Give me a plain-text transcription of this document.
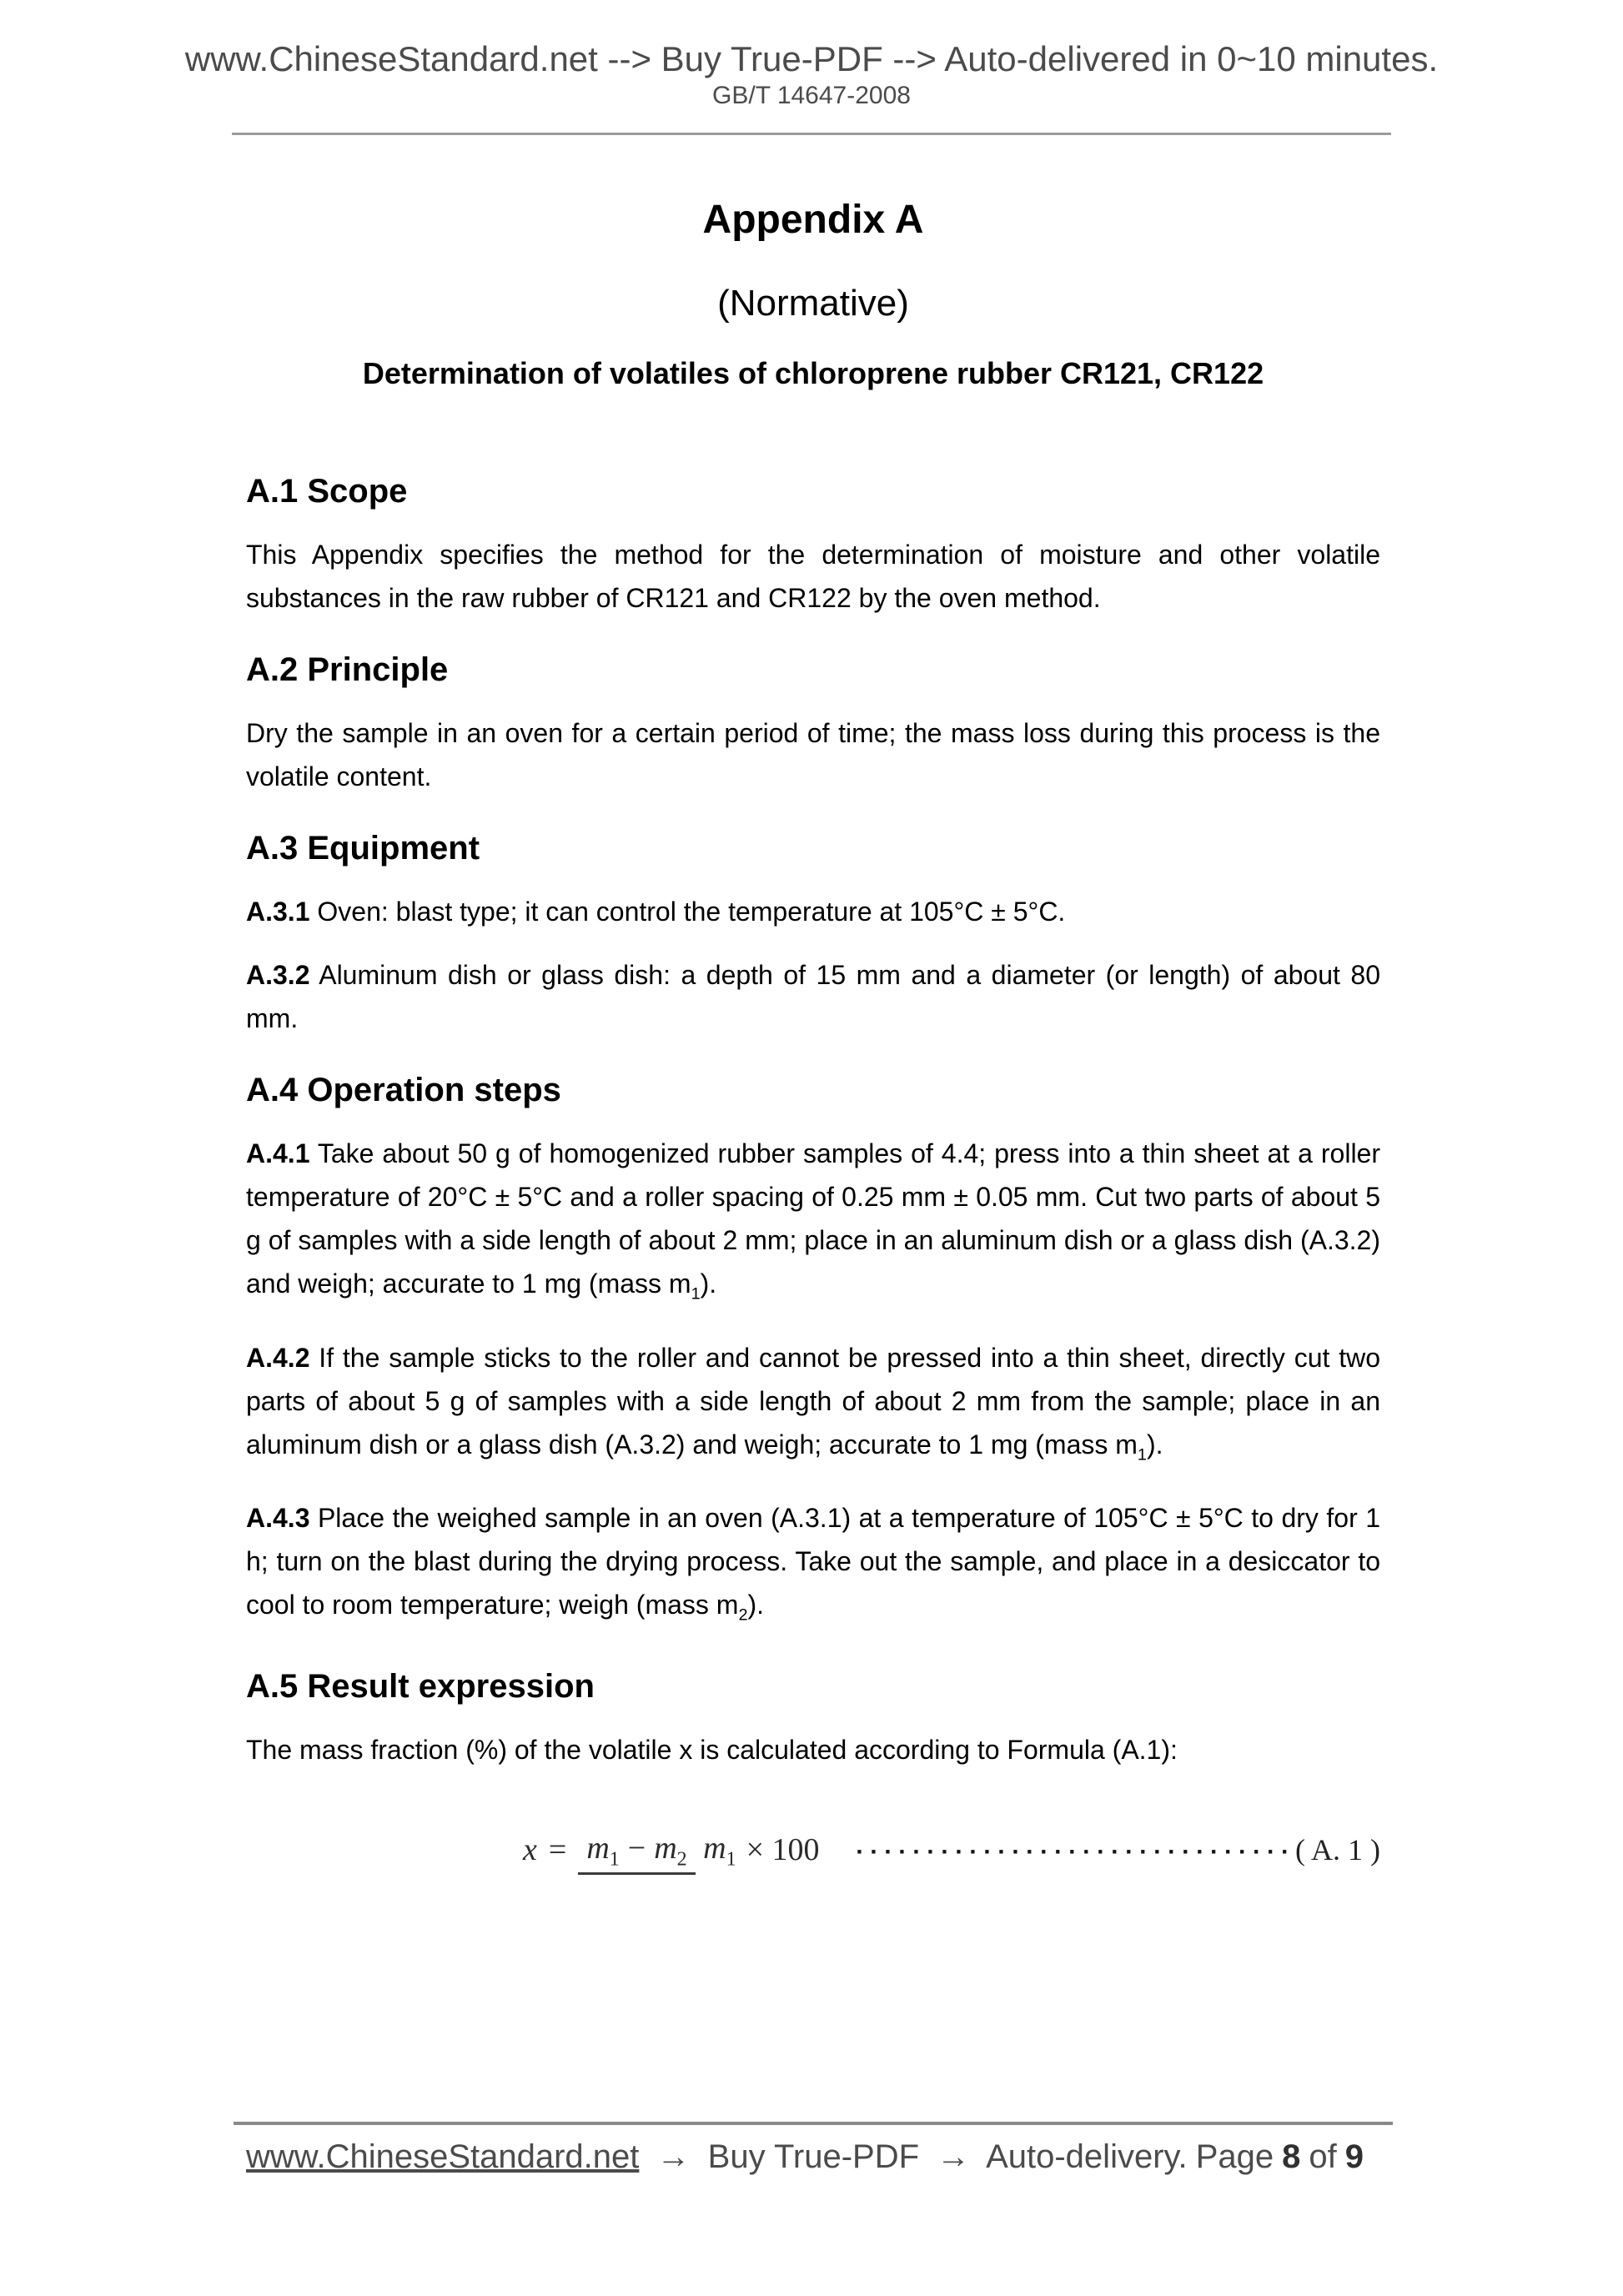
www.ChineseStandard.net --> Buy True-PDF --> Auto-delivered in 0~10 minutes.
GB/T 14647-2008
Appendix A
(Normative)
Determination of volatiles of chloroprene rubber CR121, CR122
A.1 Scope

This Appendix specifies the method for the determination of moisture and other volatile substances in the raw rubber of CR121 and CR122 by the oven method.

A.2 Principle

Dry the sample in an oven for a certain period of time; the mass loss during this process is the volatile content.

A.3 Equipment

A.3.1 Oven: blast type; it can control the temperature at 105°C ± 5°C.

A.3.2 Aluminum dish or glass dish: a depth of 15 mm and a diameter (or length) of about 80 mm.

A.4 Operation steps

A.4.1 Take about 50 g of homogenized rubber samples of 4.4; press into a thin sheet at a roller temperature of 20°C ± 5°C and a roller spacing of 0.25 mm ± 0.05 mm. Cut two parts of about 5 g of samples with a side length of about 2 mm; place in an aluminum dish or a glass dish (A.3.2) and weigh; accurate to 1 mg (mass $m_1$).

A.4.2 If the sample sticks to the roller and cannot be pressed into a thin sheet, directly cut two parts of about 5 g of samples with a side length of about 2 mm from the sample; place in an aluminum dish or a glass dish (A.3.2) and weigh; accurate to 1 mg (mass $m_1$).

A.4.3 Place the weighed sample in an oven (A.3.1) at a temperature of 105°C ± 5°C to dry for 1 h; turn on the blast during the drying process. Take out the sample, and place in a desiccator to cool to room temperature; weigh (mass $m_2$).

A.5 Result expression

The mass fraction (%) of the volatile x is calculated according to Formula (A.1):

$x = m_1 - m_2$ $m_1 \times 100$	·······························( A. 1 )
www.ChineseStandard.net → Buy True-PDF → Auto-delivery. Page 8 of 9
